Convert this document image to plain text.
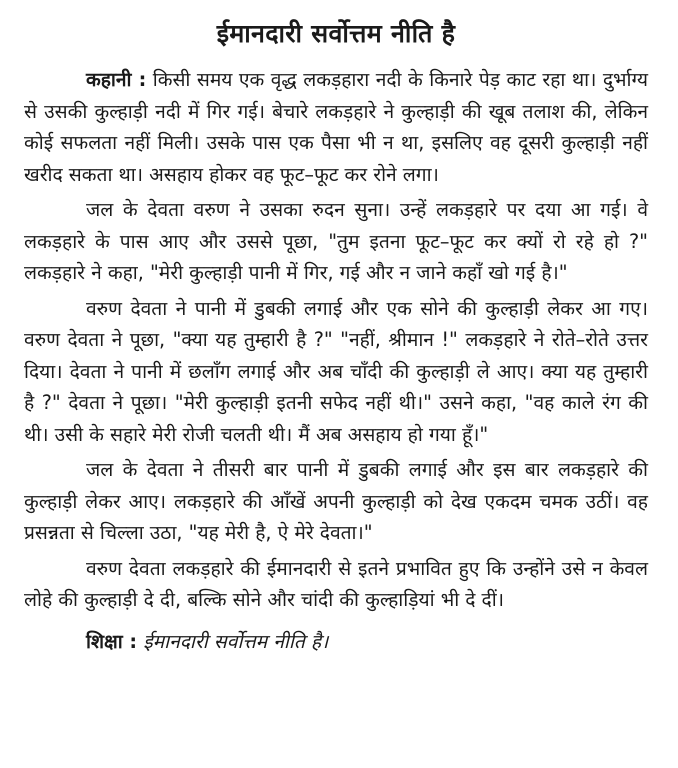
ईमानदारी सर्वोत्तम नीति है

कहानी : किसी समय एक वृद्ध लकड़हारा नदी के किनारे पेड़ काट रहा था। दुर्भाग्य से उसकी कुल्हाड़ी नदी में गिर गई। बेचारे लकड़हारे ने कुल्हाड़ी की खूब तलाश की, लेकिन कोई सफलता नहीं मिली। उसके पास एक पैसा भी न था, इसलिए वह दूसरी कुल्हाड़ी नहीं खरीद सकता था। असहाय होकर वह फूट–फूट कर रोने लगा।

जल के देवता वरुण ने उसका रुदन सुना। उन्हें लकड़हारे पर दया आ गई। वे लकड़हारे के पास आए और उससे पूछा, "तुम इतना फूट–फूट कर क्यों रो रहे हो ?" लकड़हारे ने कहा, "मेरी कुल्हाड़ी पानी में गिर, गई और न जाने कहाँ खो गई है।"

वरुण देवता ने पानी में डुबकी लगाई और एक सोने की कुल्हाड़ी लेकर आ गए। वरुण देवता ने पूछा, "क्या यह तुम्हारी है ?" "नहीं, श्रीमान !" लकड़हारे ने रोते–रोते उत्तर दिया। देवता ने पानी में छलाँग लगाई और अब चाँदी की कुल्हाड़ी ले आए। क्या यह तुम्हारी है ?" देवता ने पूछा। "मेरी कुल्हाड़ी इतनी सफेद नहीं थी।" उसने कहा, "वह काले रंग की थी। उसी के सहारे मेरी रोजी चलती थी। मैं अब असहाय हो गया हूँ।"

जल के देवता ने तीसरी बार पानी में डुबकी लगाई और इस बार लकड़हारे की कुल्हाड़ी लेकर आए। लकड़हारे की आँखें अपनी कुल्हाड़ी को देख एकदम चमक उठीं। वह प्रसन्नता से चिल्ला उठा, "यह मेरी है, ऐ मेरे देवता।"

वरुण देवता लकड़हारे की ईमानदारी से इतने प्रभावित हुए कि उन्होंने उसे न केवल लोहे की कुल्हाड़ी दे दी, बल्कि सोने और चांदी की कुल्हाड़ियां भी दे दीं।

शिक्षा : ईमानदारी सर्वोत्तम नीति है।
